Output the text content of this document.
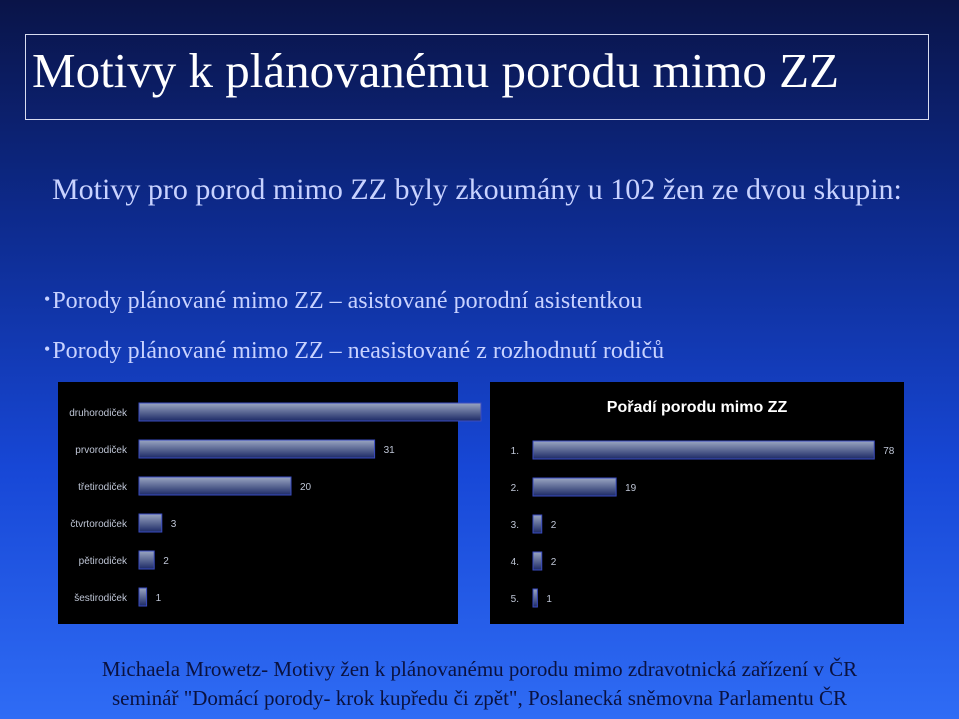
Motivy k plánovanému porodu mimo ZZ
Motivy pro porod mimo ZZ byly zkoumány u 102 žen ze dvou skupin:
•Porody plánované mimo ZZ – asistované porodní asistentkou
•Porody plánované mimo ZZ – neasistované z rozhodnutí rodičů
druhorodiček
prvorodiček	31
třetirodiček	20
čtvrtorodiček	3
pětirodiček	2
šestirodiček	1
Pořadí porodu mimo ZZ
1.	78
2.	19
3.	2
4.	2
5.	1
Michaela Mrowetz- Motivy žen k plánovanému porodu mimo zdravotnická zařízení v ČR
seminář "Domácí porody- krok kupředu či zpět", Poslanecká sněmovna Parlamentu ČR
